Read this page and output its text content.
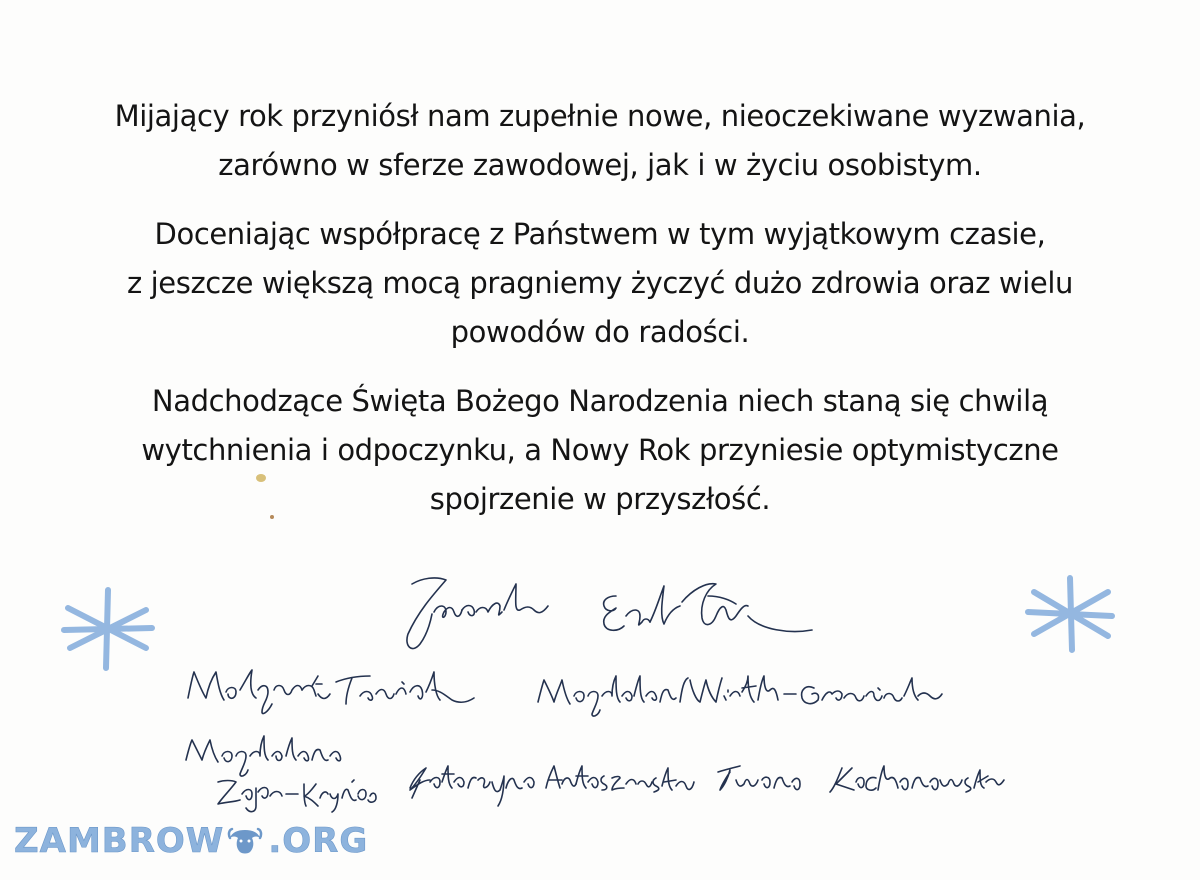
Mijający rok przyniósł nam zupełnie nowe, nieoczekiwane wyzwania,
zarówno w sferze zawodowej, jak i w życiu osobistym.

Doceniając współpracę z Państwem w tym wyjątkowym czasie,
z jeszcze większą mocą pragniemy życzyć dużo zdrowia oraz wielu
powodów do radości.

Nadchodzące Święta Bożego Narodzenia niech staną się chwilą
wytchnienia i odpoczynku, a Nowy Rok przyniesie optymistyczne
spojrzenie w przyszłość.

ZAMBROW .ORG
